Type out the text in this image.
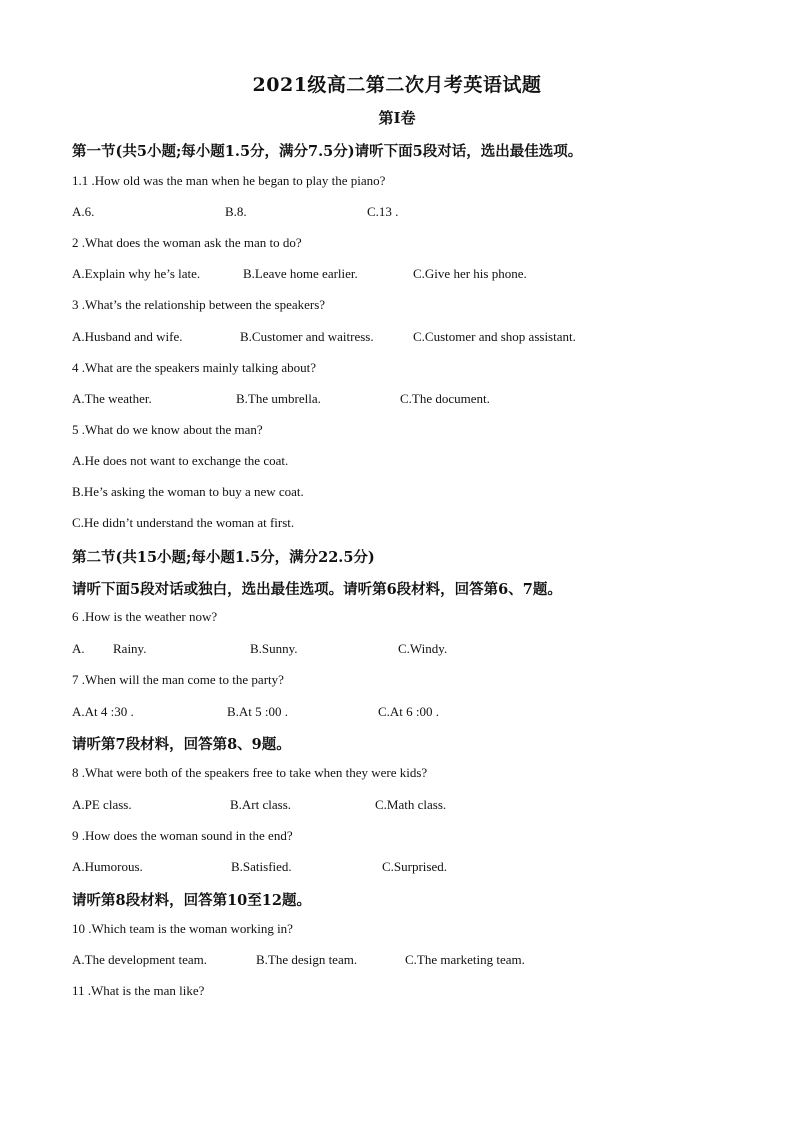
2021级高二第二次月考英语试题
第Ⅰ卷
第一节(共5小题;每小题1.5分，满分7.5分)请听下面5段对话，选出最佳选项。
1.1 .How old was the man when he began to play the piano?
A.6.	B.8.	C.13 .
2 .What does the woman ask the man to do?
A.Explain why he’s late.	B.Leave home earlier.	C.Give her his phone.
3 .What’s the relationship between the speakers?
A.Husband and wife.	B.Customer and waitress.	C.Customer and shop assistant.
4 .What are the speakers mainly talking about?
A.The weather.	B.The umbrella.	C.The document.
5 .What do we know about the man?
A.He does not want to exchange the coat.
B.He’s asking the woman to buy a new coat.
C.He didn’t understand the woman at first.
第二节(共15小题;每小题1.5分，满分22.5分)
请听下面5段对话或独白，选出最佳选项。请听第6段材料，回答第6、7题。
6 .How is the weather now?
A. Rainy.	B.Sunny.	C.Windy.
7 .When will the man come to the party?
A.At 4 :30 .	B.At 5 :00 .	C.At 6 :00 .
请听第7段材料，回答第8、9题。
8 .What were both of the speakers free to take when they were kids?
A.PE class.	B.Art class.	C.Math class.
9 .How does the woman sound in the end?
A.Humorous.	B.Satisfied.	C.Surprised.
请听第8段材料，回答第10至12题。
10 .Which team is the woman working in?
A.The development team.	B.The design team.	C.The marketing team.
11 .What is the man like?
